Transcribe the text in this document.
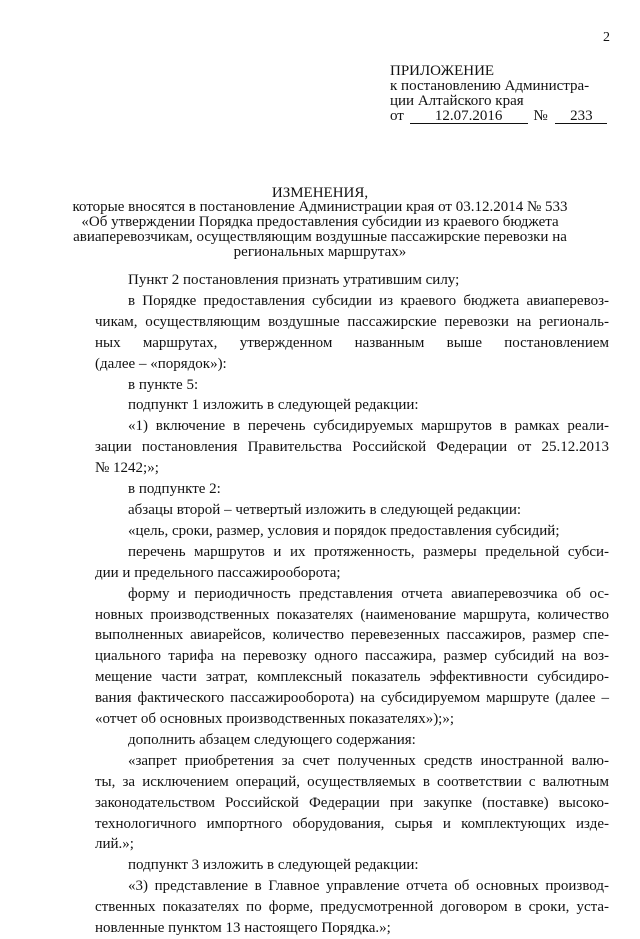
2
ПРИЛОЖЕНИЕ
к постановлению Администра-
ции Алтайского края
от 12.07.2016 № 233
ИЗМЕНЕНИЯ,
которые вносятся в постановление Администрации края от 03.12.2014 № 533
«Об утверждении Порядка предоставления субсидии из краевого бюджета
авиаперевозчикам, осуществляющим воздушные пассажирские перевозки на
региональных маршрутах»

Пункт 2 постановления признать утратившим силу;

в Порядке предоставления субсидии из краевого бюджета авиаперевоз-
чикам, осуществляющим воздушные пассажирские перевозки на региональ-
ных маршрутах, утвержденном названным выше постановлением

(далее – «порядок»):

в пункте 5:

подпункт 1 изложить в следующей редакции:

«1) включение в перечень субсидируемых маршрутов в рамках реали-
зации постановления Правительства Российской Федерации от 25.12.2013

№ 1242;»;

в подпункте 2:

абзацы второй – четвертый изложить в следующей редакции:

«цель, сроки, размер, условия и порядок предоставления субсидий;

перечень маршрутов и их протяженность, размеры предельной субси-

дии и предельного пассажирооборота;

форму и периодичность представления отчета авиаперевозчика об ос-
новных производственных показателях (наименование маршрута, количество
выполненных авиарейсов, количество перевезенных пассажиров, размер спе-
циального тарифа на перевозку одного пассажира, размер субсидий на воз-
мещение части затрат, комплексный показатель эффективности субсидиро-
вания фактического пассажирооборота) на субсидируемом маршруте (далее –

«отчет об основных производственных показателях»);»;

дополнить абзацем следующего содержания:

«запрет приобретения за счет полученных средств иностранной валю-
ты, за исключением операций, осуществляемых в соответствии с валютным
законодательством Российской Федерации при закупке (поставке) высоко-
технологичного импортного оборудования, сырья и комплектующих изде-

лий.»;

подпункт 3 изложить в следующей редакции:

«3) представление в Главное управление отчета об основных производ-
ственных показателях по форме, предусмотренной договором в сроки, уста-

новленные пунктом 13 настоящего Порядка.»;
